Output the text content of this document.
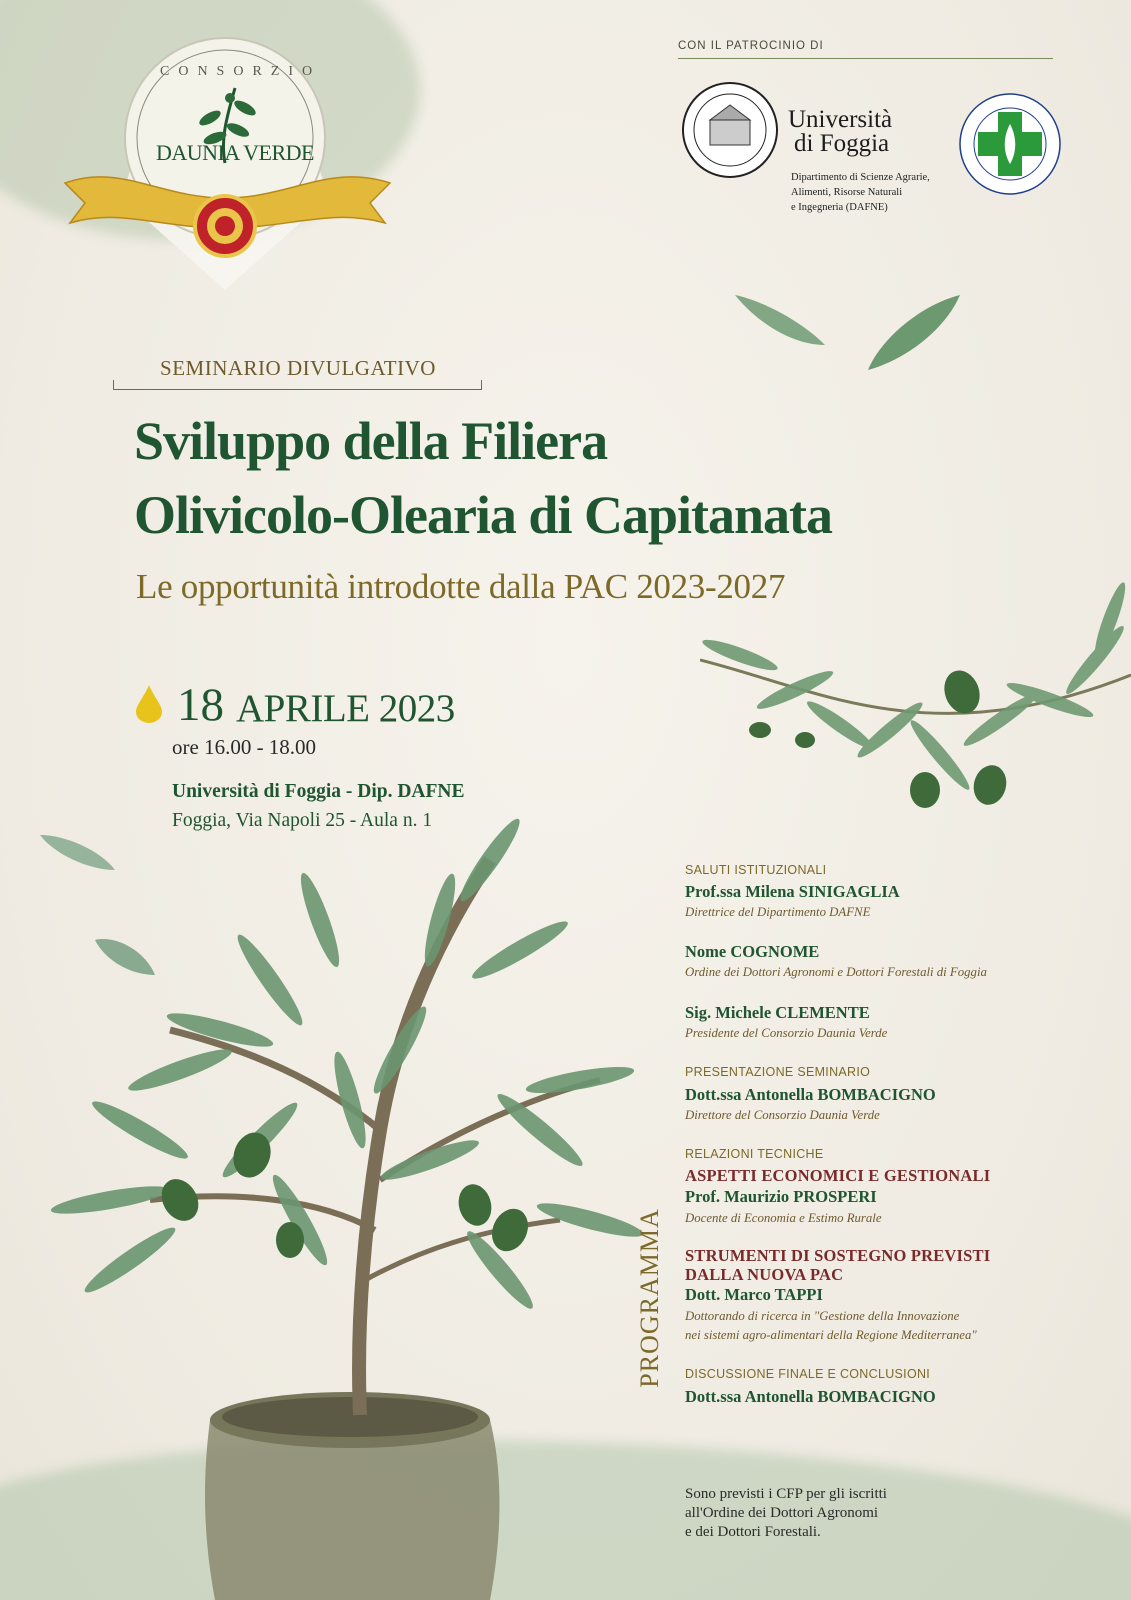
CONSORZIO
DAUNIA VERDE
CON IL PATROCINIO DI
Università
di Foggia
Dipartimento di Scienze Agrarie,
Alimenti, Risorse Naturali
e Ingegneria (DAFNE)
SEMINARIO DIVULGATIVO
Sviluppo della Filiera
Olivicolo-Olearia di Capitanata
Le opportunità introdotte dalla PAC 2023-2027
18 APRILE 2023
ore 16.00 - 18.00
Università di Foggia - Dip. DAFNE
Foggia, Via Napoli 25 - Aula n. 1
PROGRAMMA
SALUTI ISTITUZIONALI
Prof.ssa Milena SINIGAGLIA
Direttrice del Dipartimento DAFNE
Nome COGNOME
Ordine dei Dottori Agronomi e Dottori Forestali di Foggia
Sig. Michele CLEMENTE
Presidente del Consorzio Daunia Verde
PRESENTAZIONE SEMINARIO
Dott.ssa Antonella BOMBACIGNO
Direttore del Consorzio Daunia Verde
RELAZIONI TECNICHE
ASPETTI ECONOMICI E GESTIONALI
Prof. Maurizio PROSPERI
Docente di Economia e Estimo Rurale
STRUMENTI DI SOSTEGNO PREVISTI
DALLA NUOVA PAC
Dott. Marco TAPPI
Dottorando di ricerca in "Gestione della Innovazione
nei sistemi agro-alimentari della Regione Mediterranea"
DISCUSSIONE FINALE E CONCLUSIONI
Dott.ssa Antonella BOMBACIGNO
Sono previsti i CFP per gli iscritti
all'Ordine dei Dottori Agronomi
e dei Dottori Forestali.
